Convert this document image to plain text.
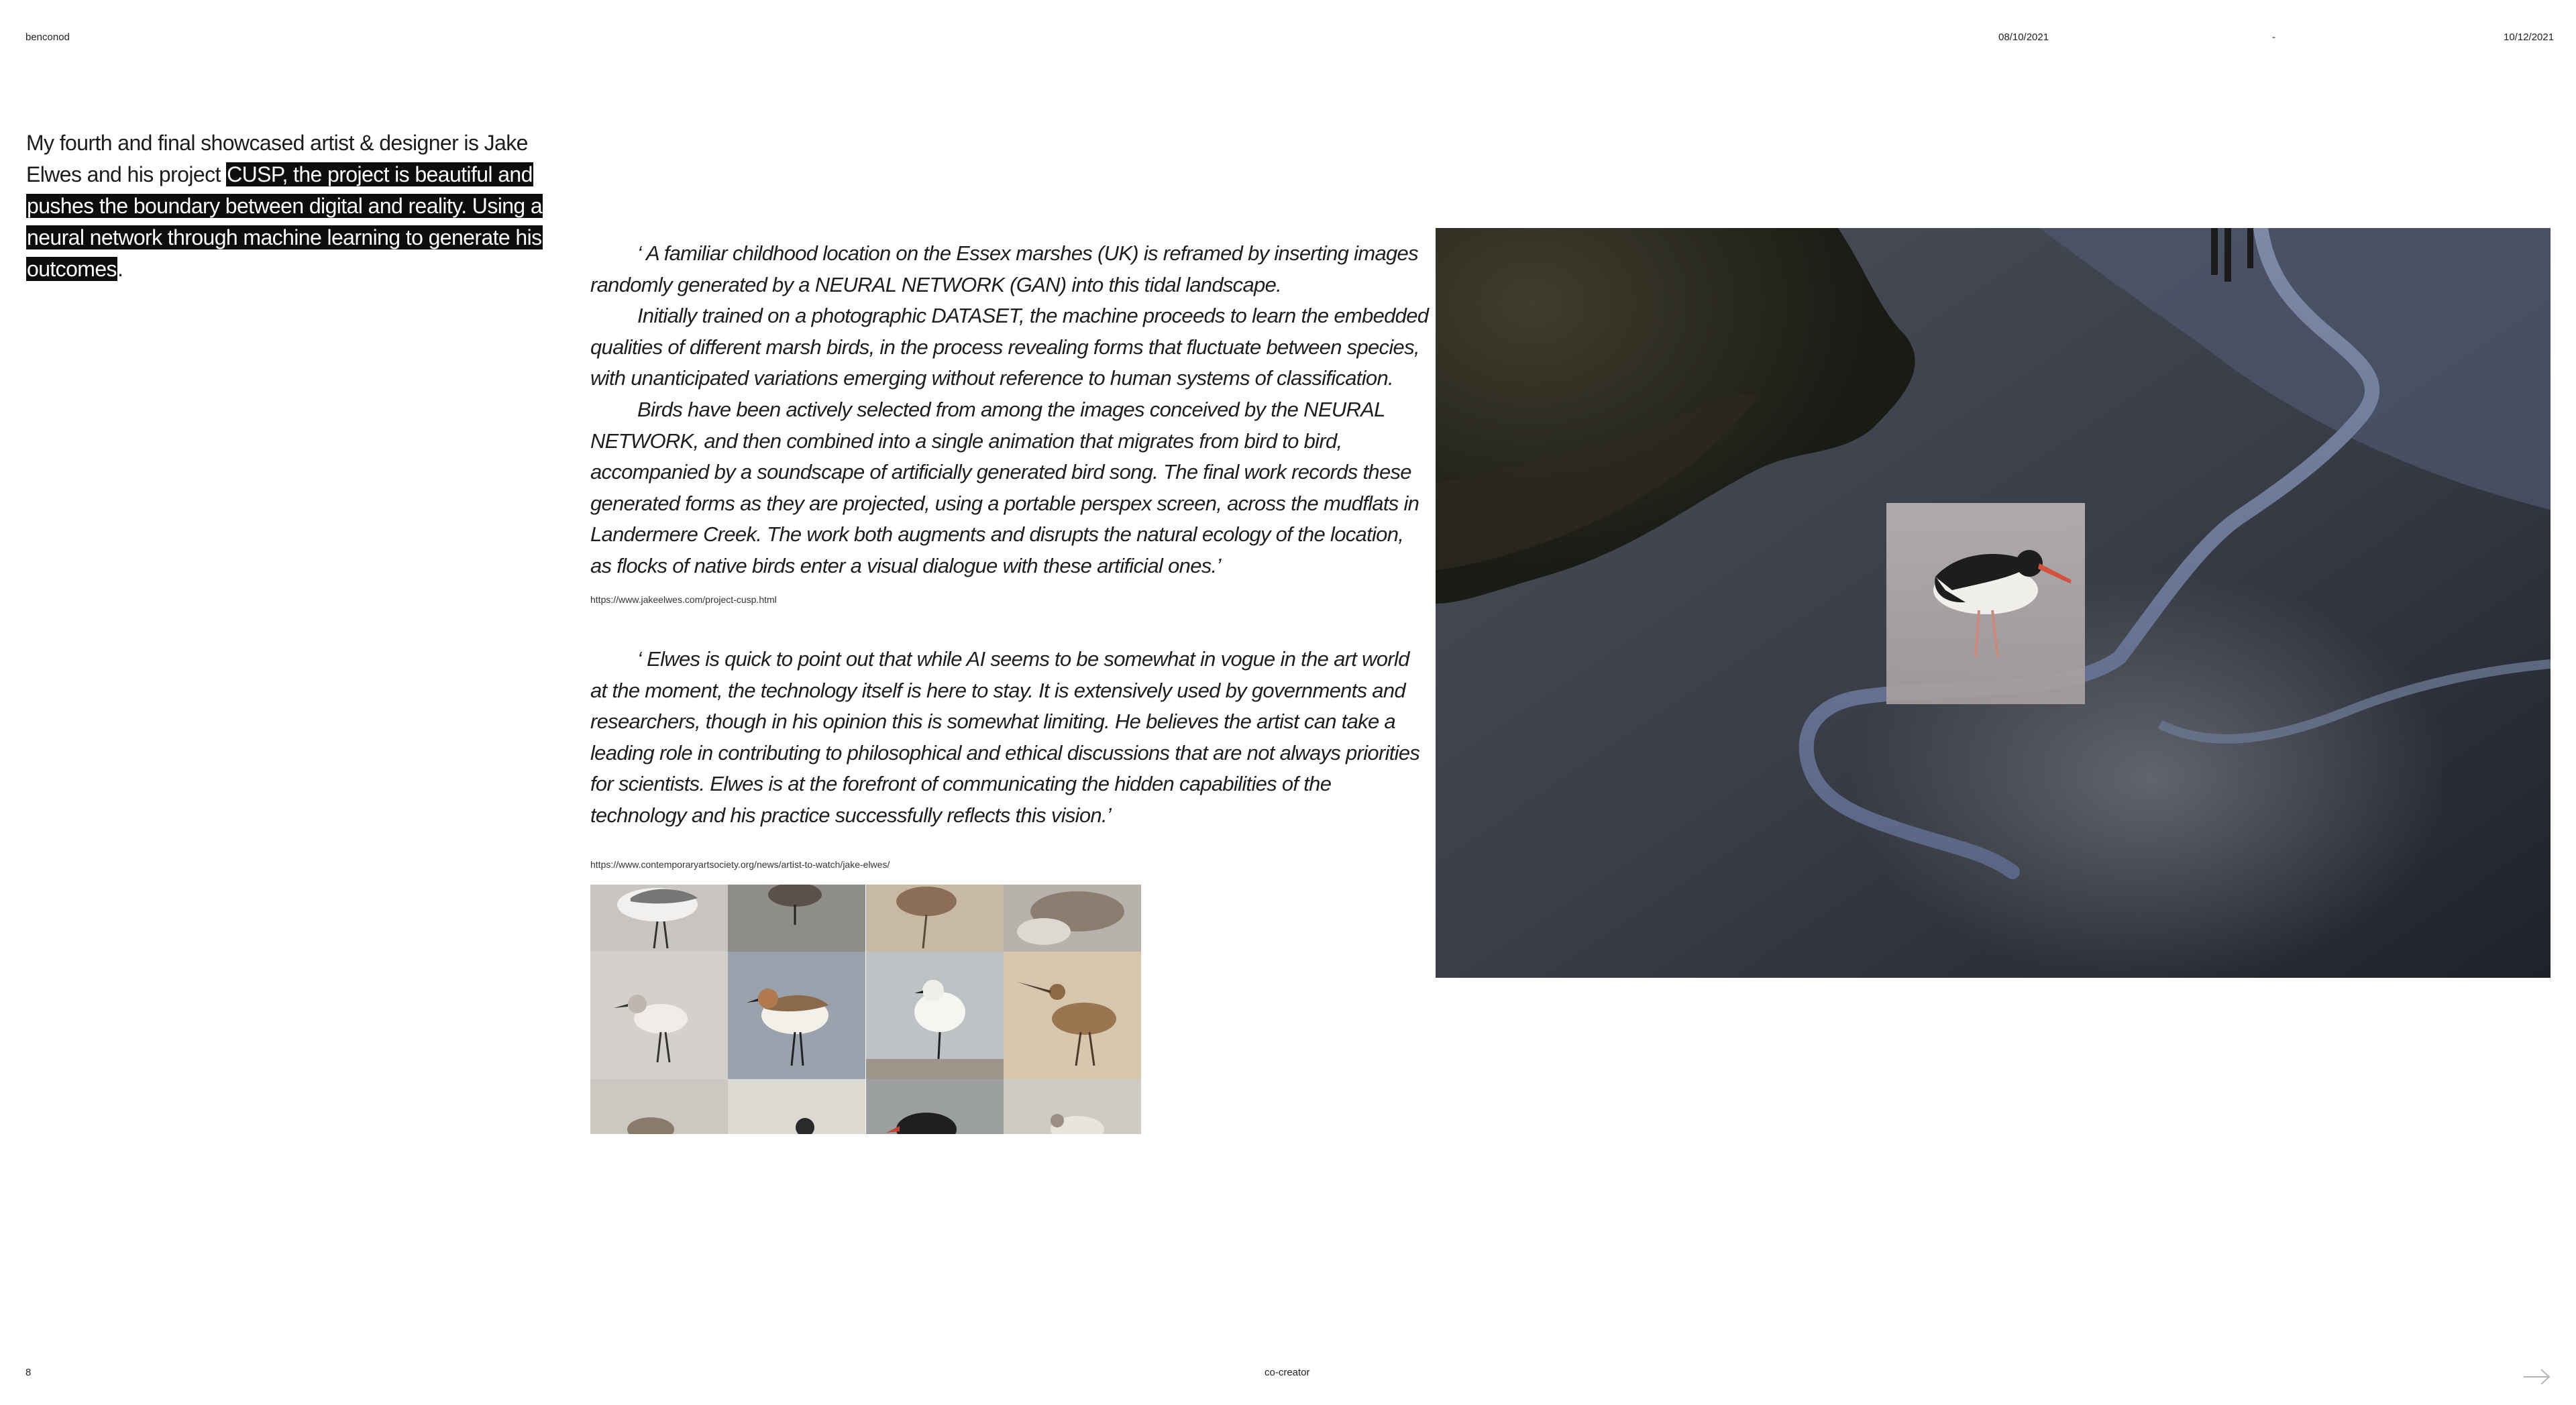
benconod	08/10/2021	-	10/12/2021
My fourth and final showcased artist & designer is Jake Elwes and his project CUSP, the project is beautiful and pushes the boundary between digital and reality. Using a neural network through machine learning to generate his outcomes.

‘ A familiar childhood location on the Essex marshes (UK) is reframed by inserting images randomly generated by a NEURAL NETWORK (GAN) into this tidal landscape.

Initially trained on a photographic DATASET, the machine proceeds to learn the embedded qualities of different marsh birds, in the process revealing forms that fluctuate between species, with unanticipated variations emerging without reference to human systems of classification.

Birds have been actively selected from among the images conceived by the NEURAL NETWORK, and then combined into a single animation that migrates from bird to bird, accompanied by a soundscape of artificially generated bird song. The final work records these generated forms as they are projected, using a portable perspex screen, across the mudflats in Landermere Creek. The work both augments and disrupts the natural ecology of the location, as flocks of native birds enter a visual dialogue with these artificial ones.’

https://www.jakeelwes.com/project-cusp.html

‘ Elwes is quick to point out that while AI seems to be somewhat in vogue in the art world at the moment, the technology itself is here to stay. It is extensively used by governments and researchers, though in his opinion this is somewhat limiting. He believes the artist can take a leading role in contributing to philosophical and ethical discussions that are not always priorities for scientists. Elwes is at the forefront of communicating the hidden capabilities of the technology and his practice successfully reflects this vision.’

https://www.contemporaryartsociety.org/news/artist-to-watch/jake-elwes/
8	co-creator
